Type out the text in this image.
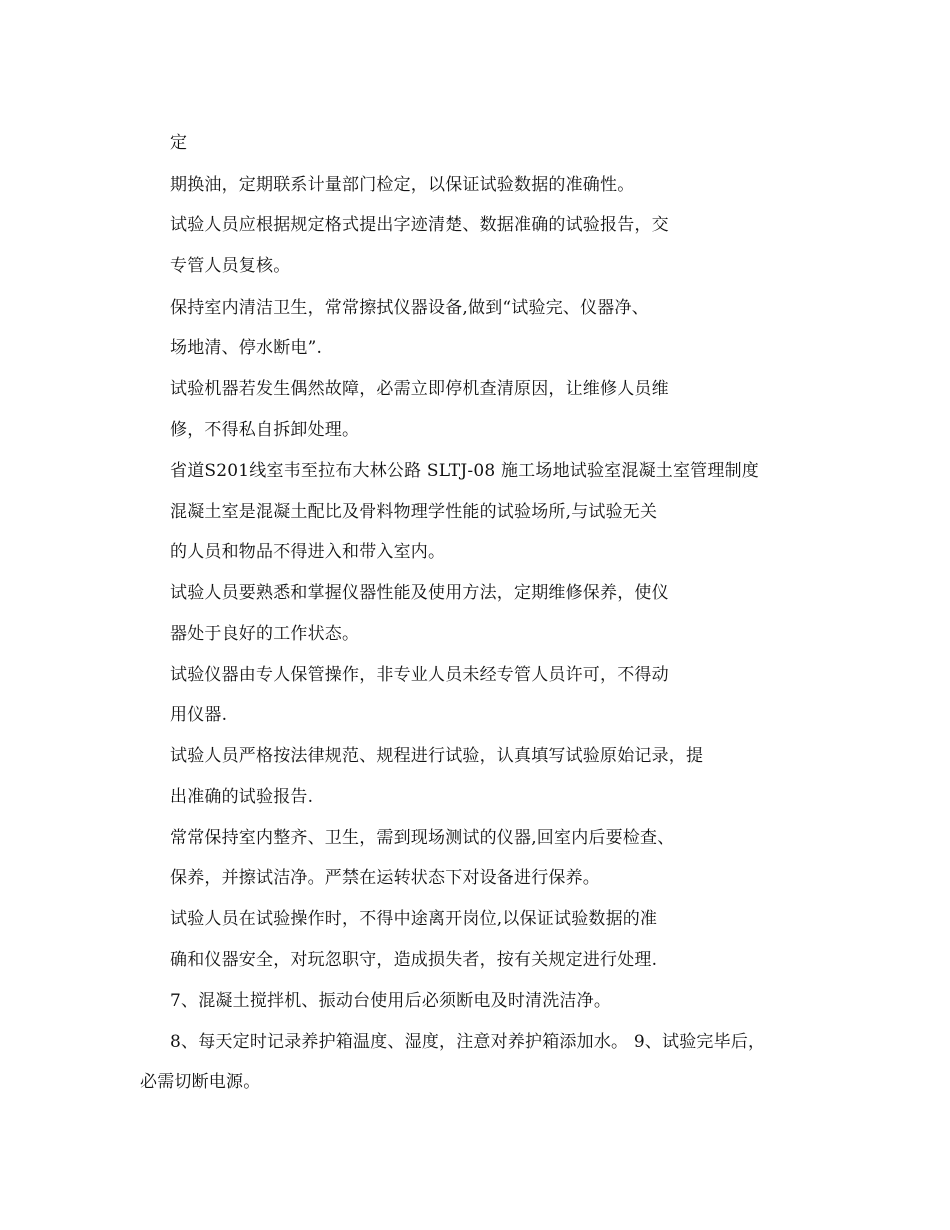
定
期换油，定期联系计量部门检定，以保证试验数据的准确性。
试验人员应根据规定格式提出字迹清楚、数据准确的试验报告，交
专管人员复核。
保持室内清洁卫生，常常擦拭仪器设备,做到“试验完、仪器净、
场地清、停水断电”.
试验机器若发生偶然故障，必需立即停机查清原因，让维修人员维
修，不得私自拆卸处理。
省道S201线室韦至拉布大林公路 SLTJ-08 施工场地试验室混凝土室管理制度
混凝土室是混凝土配比及骨料物理学性能的试验场所,与试验无关
的人员和物品不得进入和带入室内。
试验人员要熟悉和掌握仪器性能及使用方法，定期维修保养，使仪
器处于良好的工作状态。
试验仪器由专人保管操作，非专业人员未经专管人员许可，不得动
用仪器.
试验人员严格按法律规范、规程进行试验，认真填写试验原始记录，提
出准确的试验报告.
常常保持室内整齐、卫生，需到现场测试的仪器,回室内后要检查、
保养，并擦试洁净。严禁在运转状态下对设备进行保养。
试验人员在试验操作时，不得中途离开岗位,以保证试验数据的准
确和仪器安全，对玩忽职守，造成损失者，按有关规定进行处理.
7、混凝土搅拌机、振动台使用后必须断电及时清洗洁净。
8、每天定时记录养护箱温度、湿度，注意对养护箱添加水。 9、试验完毕后，
必需切断电源。
